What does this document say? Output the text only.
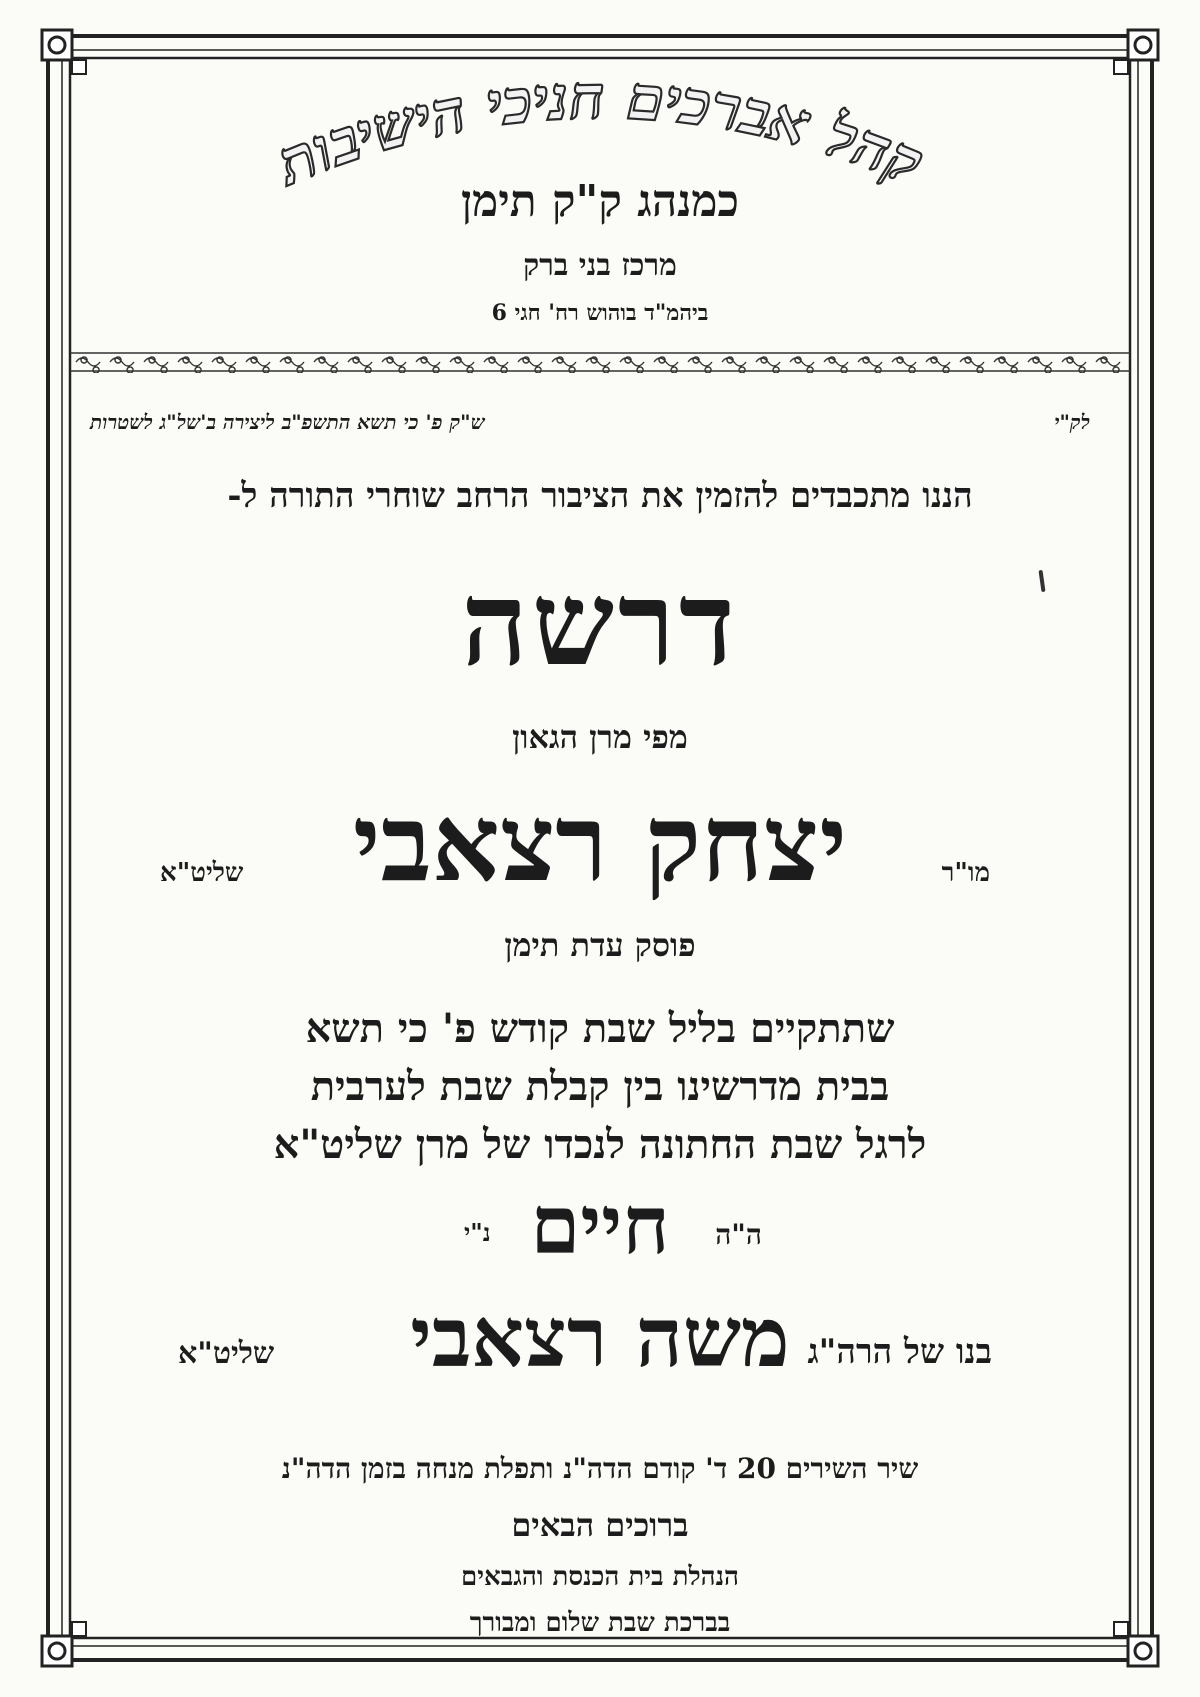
קהל אברכים חניכי הישיבות
כמנהג ק"ק תימן
מרכז בני ברק
ביהמ"ד בוהוש רח' חגי 6
לק"י
ש"ק פ' כי תשא התשפ"ב ליצירה ב'של"ג לשטרות
הננו מתכבדים להזמין את הציבור הרחב שוחרי התורה ל-
דרשה
מפי מרן הגאון
מו"ר
יצחק רצאבי
שליט"א
פוסק עדת תימן
שתתקיים בליל שבת קודש פ' כי תשא
בבית מדרשינו בין קבלת שבת לערבית
לרגל שבת החתונה לנכדו של מרן שליט"א
ה"ה
חיים
נ"י
בנו של הרה"ג
משה רצאבי
שליט"א
שיר השירים 20 ד' קודם הדה"נ ותפלת מנחה בזמן הדה"נ
ברוכים הבאים
הנהלת בית הכנסת והגבאים
בברכת שבת שלום ומבורך
